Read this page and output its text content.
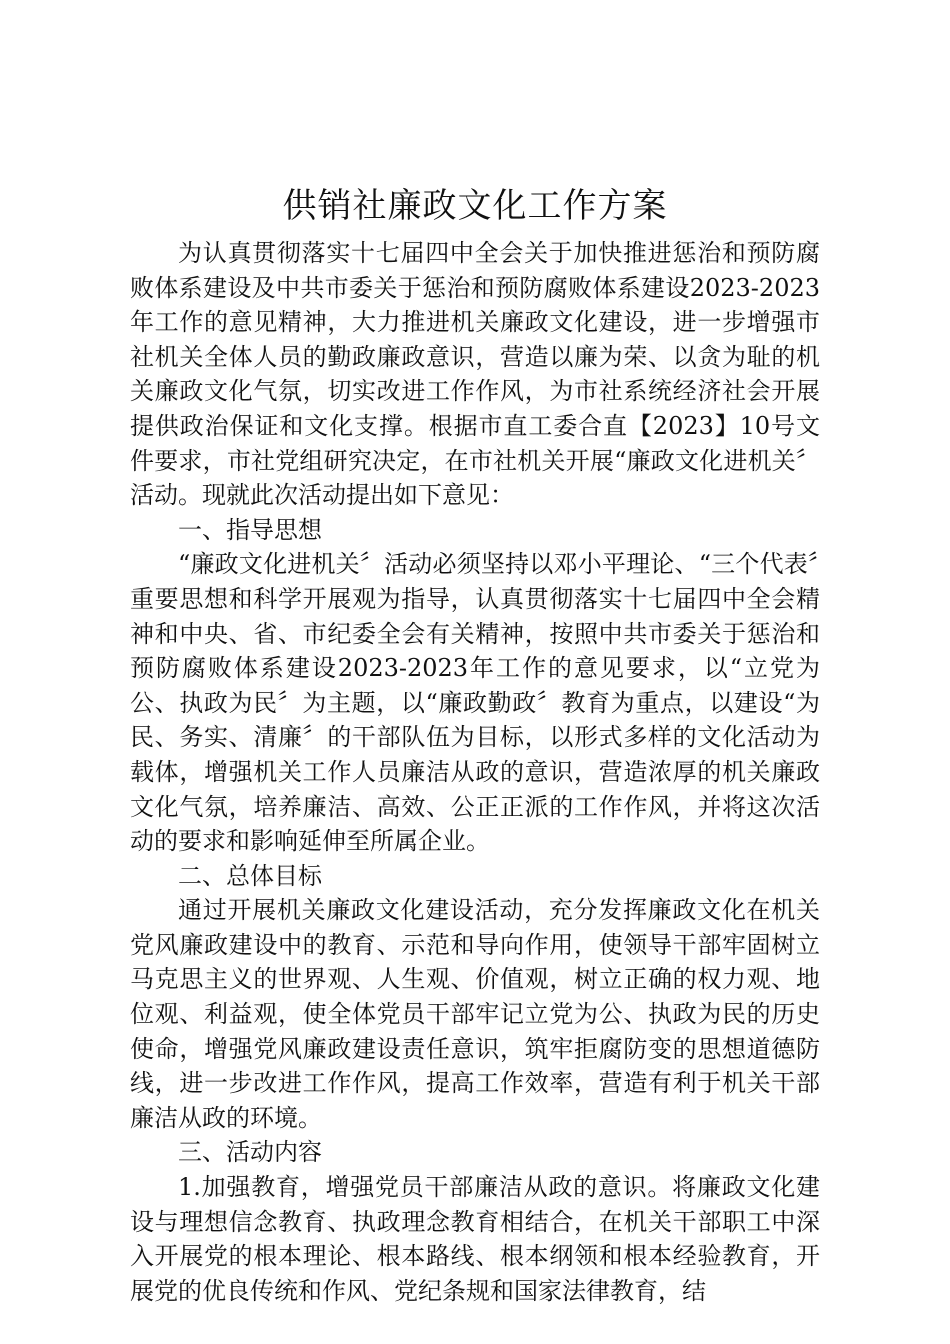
供销社廉政文化工作方案

为认真贯彻落实十七届四中全会关于加快推进惩治和预防腐败体系建设及中共市委关于惩治和预防腐败体系建设2023-2023年工作的意见精神，大力推进机关廉政文化建设，进一步增强市社机关全体人员的勤政廉政意识，营造以廉为荣、以贪为耻的机关廉政文化气氛，切实改进工作作风，为市社系统经济社会开展提供政治保证和文化支撑。根据市直工委合直【2023】10号文件要求，市社党组研究决定，在市社机关开展“廉政文化进机关〞活动。现就此次活动提出如下意见：

一、指导思想

“廉政文化进机关〞活动必须坚持以邓小平理论、“三个代表〞重要思想和科学开展观为指导，认真贯彻落实十七届四中全会精神和中央、省、市纪委全会有关精神，按照中共市委关于惩治和预防腐败体系建设2023-2023年工作的意见要求，以“立党为公、执政为民〞为主题，以“廉政勤政〞教育为重点，以建设“为民、务实、清廉〞的干部队伍为目标，以形式多样的文化活动为载体，增强机关工作人员廉洁从政的意识，营造浓厚的机关廉政文化气氛，培养廉洁、高效、公正正派的工作作风，并将这次活动的要求和影响延伸至所属企业。

二、总体目标

通过开展机关廉政文化建设活动，充分发挥廉政文化在机关党风廉政建设中的教育、示范和导向作用，使领导干部牢固树立马克思主义的世界观、人生观、价值观，树立正确的权力观、地位观、利益观，使全体党员干部牢记立党为公、执政为民的历史使命，增强党风廉政建设责任意识，筑牢拒腐防变的思想道德防线，进一步改进工作作风，提高工作效率，营造有利于机关干部廉洁从政的环境。

三、活动内容

1.加强教育，增强党员干部廉洁从政的意识。将廉政文化建设与理想信念教育、执政理念教育相结合，在机关干部职工中深入开展党的根本理论、根本路线、根本纲领和根本经验教育，开展党的优良传统和作风、党纪条规和国家法律教育，结
